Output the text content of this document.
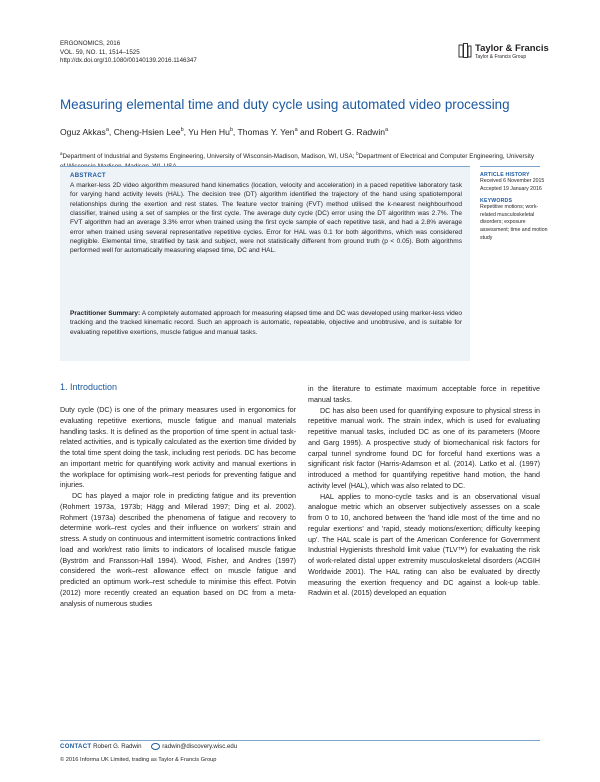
ERGONOMICS, 2016
VOL. 59, NO. 11, 1514–1525
http://dx.doi.org/10.1080/00140139.2016.1146347
Taylor & Francis
Taylor & Francis Group
Measuring elemental time and duty cycle using automated video processing
Oguz Akkas$^a$, Cheng-Hsien Lee$^b$, Yu Hen Hu$^b$, Thomas Y. Yen$^a$ and Robert G. Radwin$^a$
$^a$Department of Industrial and Systems Engineering, University of Wisconsin-Madison, Madison, WI, USA; $^b$Department of Electrical and Computer Engineering, University
ABSTRACT
A marker-less 2D video algorithm measured hand kinematics (location, velocity and acceleration) in a paced repetitive laboratory task for varying hand activity levels (HAL). The decision tree (DT) algorithm identified the trajectory of the hand using spatiotemporal relationships during the exertion and rest states. The feature vector training (FVT) method utilised the k-nearest neighbourhood classifier, trained using a set of samples or the first cycle. The average duty cycle (DC) error using the DT algorithm was 2.7%. The FVT algorithm had an average 3.3% error when trained using the first cycle sample of each repetitive task, and had a 2.8% average error when trained using several representative repetitive cycles. Error for HAL was 0.1 for both algorithms, which was considered negligible. Elemental time, stratified by task and subject, were not statistically different from ground truth (p < 0.05). Both algorithms performed well for automatically measuring elapsed time, DC and HAL.
Practitioner Summary: A completely automated approach for measuring elapsed time and DC was developed using marker-less video tracking and the tracked kinematic record. Such an approach is automatic, repeatable, objective and unobtrusive, and is suitable for evaluating repetitive exertions, muscle fatigue and manual tasks.
ARTICLE HISTORY
Received 6 November 2015
Accepted 19 January 2016
KEYWORDS
Repetitive motions; work-
related musculoskeletal
disorders; exposure
assessment; time and motion
study
1. Introduction

Duty cycle (DC) is one of the primary measures used in ergonomics for evaluating repetitive exertions, muscle fatigue and manual materials handling tasks. It is defined as the proportion of time spent in actual task-related activities, and is typically calculated as the exertion time divided by the total time spent doing the task, including rest periods. DC has become an important metric for quantifying work activity and manual exertions in the workplace for optimising work–rest periods for preventing fatigue and injuries.

DC has played a major role in predicting fatigue and its prevention (Rohmert 1973a, 1973b; Hägg and Milerad 1997; Ding et al. 2002). Rohmert (1973a) described the phenomena of fatigue and recovery to determine work–rest cycles and their influence on workers' strain and stress. A study on continuous and intermittent isometric contractions linked load and work/rest ratio limits to indicators of localised muscle fatigue (Byström and Fransson-Hall 1994). Wood, Fisher, and Andres (1997) considered the work–rest allowance effect on muscle fatigue and predicted an optimum work–rest schedule to minimise this effect. Potvin (2012) more recently created an equation based on DC from a meta-analysis of numerous studies

in the literature to estimate maximum acceptable force in repetitive manual tasks.

DC has also been used for quantifying exposure to physical stress in repetitive manual work. The strain index, which is used for evaluating repetitive manual tasks, included DC as one of its parameters (Moore and Garg 1995). A prospective study of biomechanical risk factors for carpal tunnel syndrome found DC for forceful hand exertions was a significant risk factor (Harris-Adamson et al. (2014). Latko et al. (1997) introduced a method for quantifying repetitive hand motion, the hand activity level (HAL), which was also related to DC.

HAL applies to mono-cycle tasks and is an observational visual analogue metric which an observer subjectively assesses on a scale from 0 to 10, anchored between the 'hand idle most of the time and no regular exertions' and 'rapid, steady motions/exertion; difficulty keeping up'. The HAL scale is part of the American Conference for Government Industrial Hygienists threshold limit value (TLV™) for evaluating the risk of work-related distal upper extremity musculoskeletal disorders (ACGIH Worldwide 2001). The HAL rating can also be evaluated by directly measuring the exertion frequency and DC against a look-up table. Radwin et al. (2015) developed an equation

CONTACT Robert G. Radwin	radwin@discovery.wisc.edu
© 2016 Informa UK Limited, trading as Taylor & Francis Group
